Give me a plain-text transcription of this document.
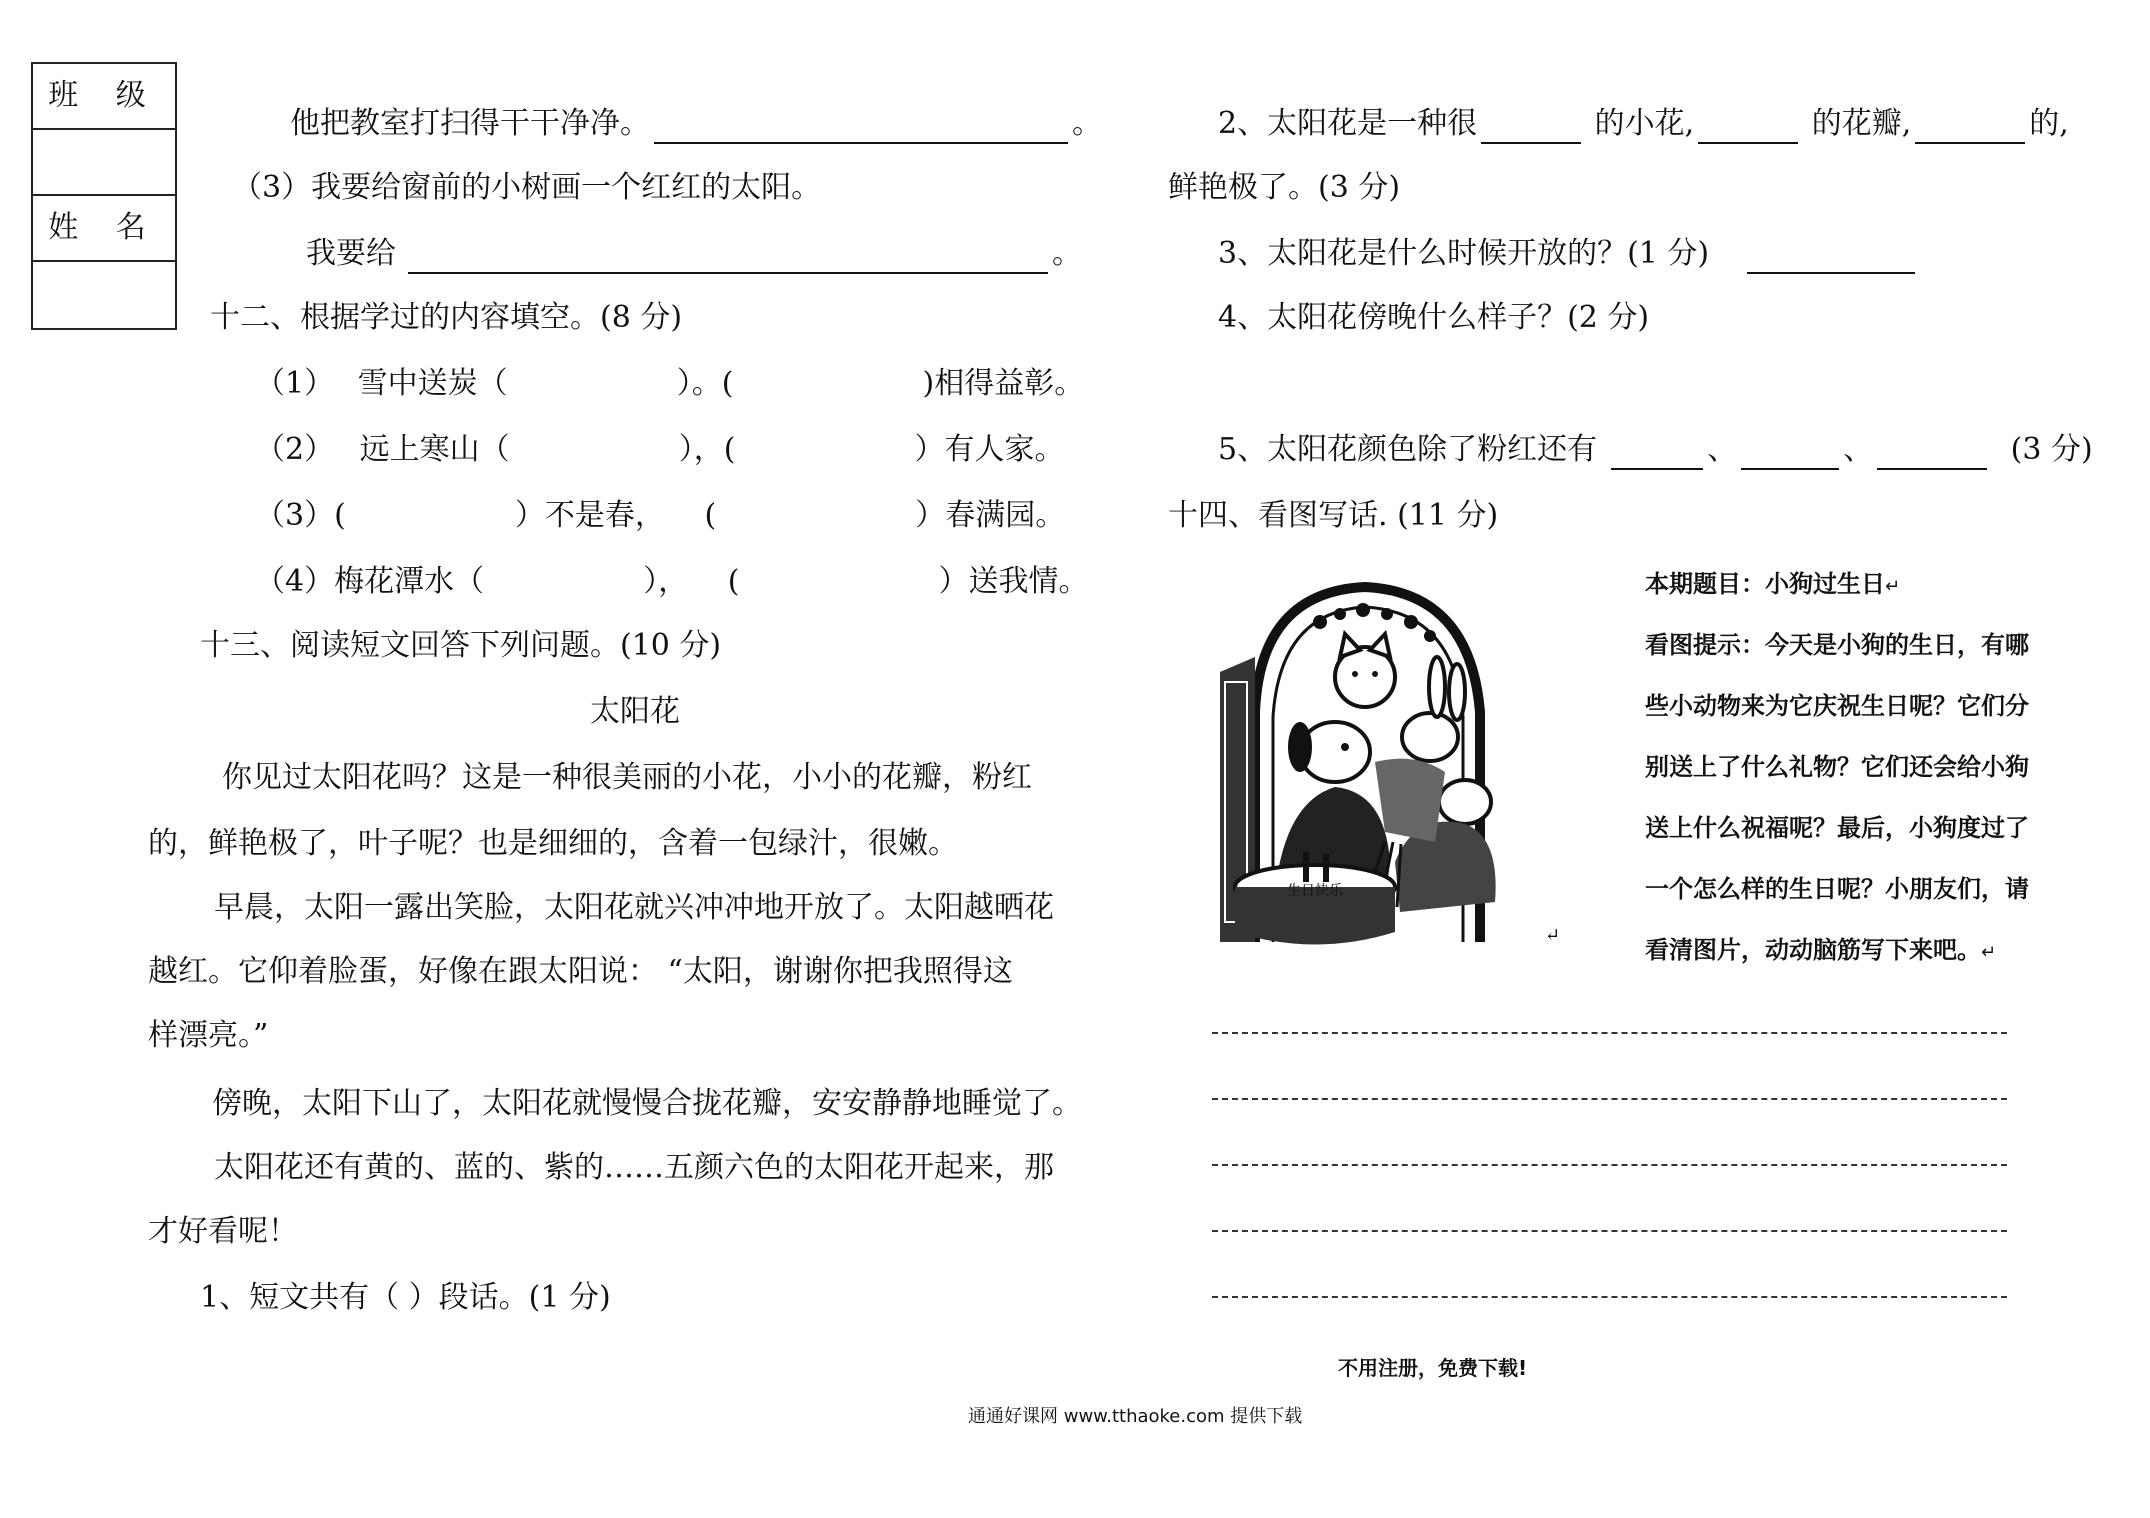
班 级
姓 名
他把教室打扫得干干净净。	。
（3）我要给窗前的小树画一个红红的太阳。
我要给	。
十二、根据学过的内容填空。(8 分)
（1） 雪中送炭（	）。(	)相得益彰。
（2） 远上寒山（	），(	）有人家。
（3）(	）不是春， (	）春满园。
（4）梅花潭水（	）， (	）送我情。
十三、阅读短文回答下列问题。(10 分)
太阳花
你见过太阳花吗？这是一种很美丽的小花，小小的花瓣，粉红
的，鲜艳极了，叶子呢？也是细细的，含着一包绿汁，很嫩。
早晨，太阳一露出笑脸，太阳花就兴冲冲地开放了。太阳越晒花
越红。它仰着脸蛋，好像在跟太阳说： “太阳，谢谢你把我照得这
样漂亮。”
傍晚，太阳下山了，太阳花就慢慢合拢花瓣，安安静静地睡觉了。
太阳花还有黄的、蓝的、紫的……五颜六色的太阳花开起来，那
才好看呢！
1、短文共有（ ）段话。(1 分)
2、太阳花是一种很	的小花,	的花瓣,	的,
鲜艳极了。(3 分)
3、太阳花是什么时候开放的？(1 分)
4、太阳花傍晚什么样子？(2 分)
5、太阳花颜色除了粉红还有	、	、	(3 分)
十四、看图写话. (11 分)
生日快乐
↵
本期题目：小狗过生日↵
看图提示：今天是小狗的生日，有哪
些小动物来为它庆祝生日呢？它们分
别送上了什么礼物？它们还会给小狗
送上什么祝福呢？最后，小狗度过了
一个怎么样的生日呢？小朋友们，请
看清图片，动动脑筋写下来吧。↵
不用注册，免费下载!
通通好课网 www.tthaoke.com 提供下载
